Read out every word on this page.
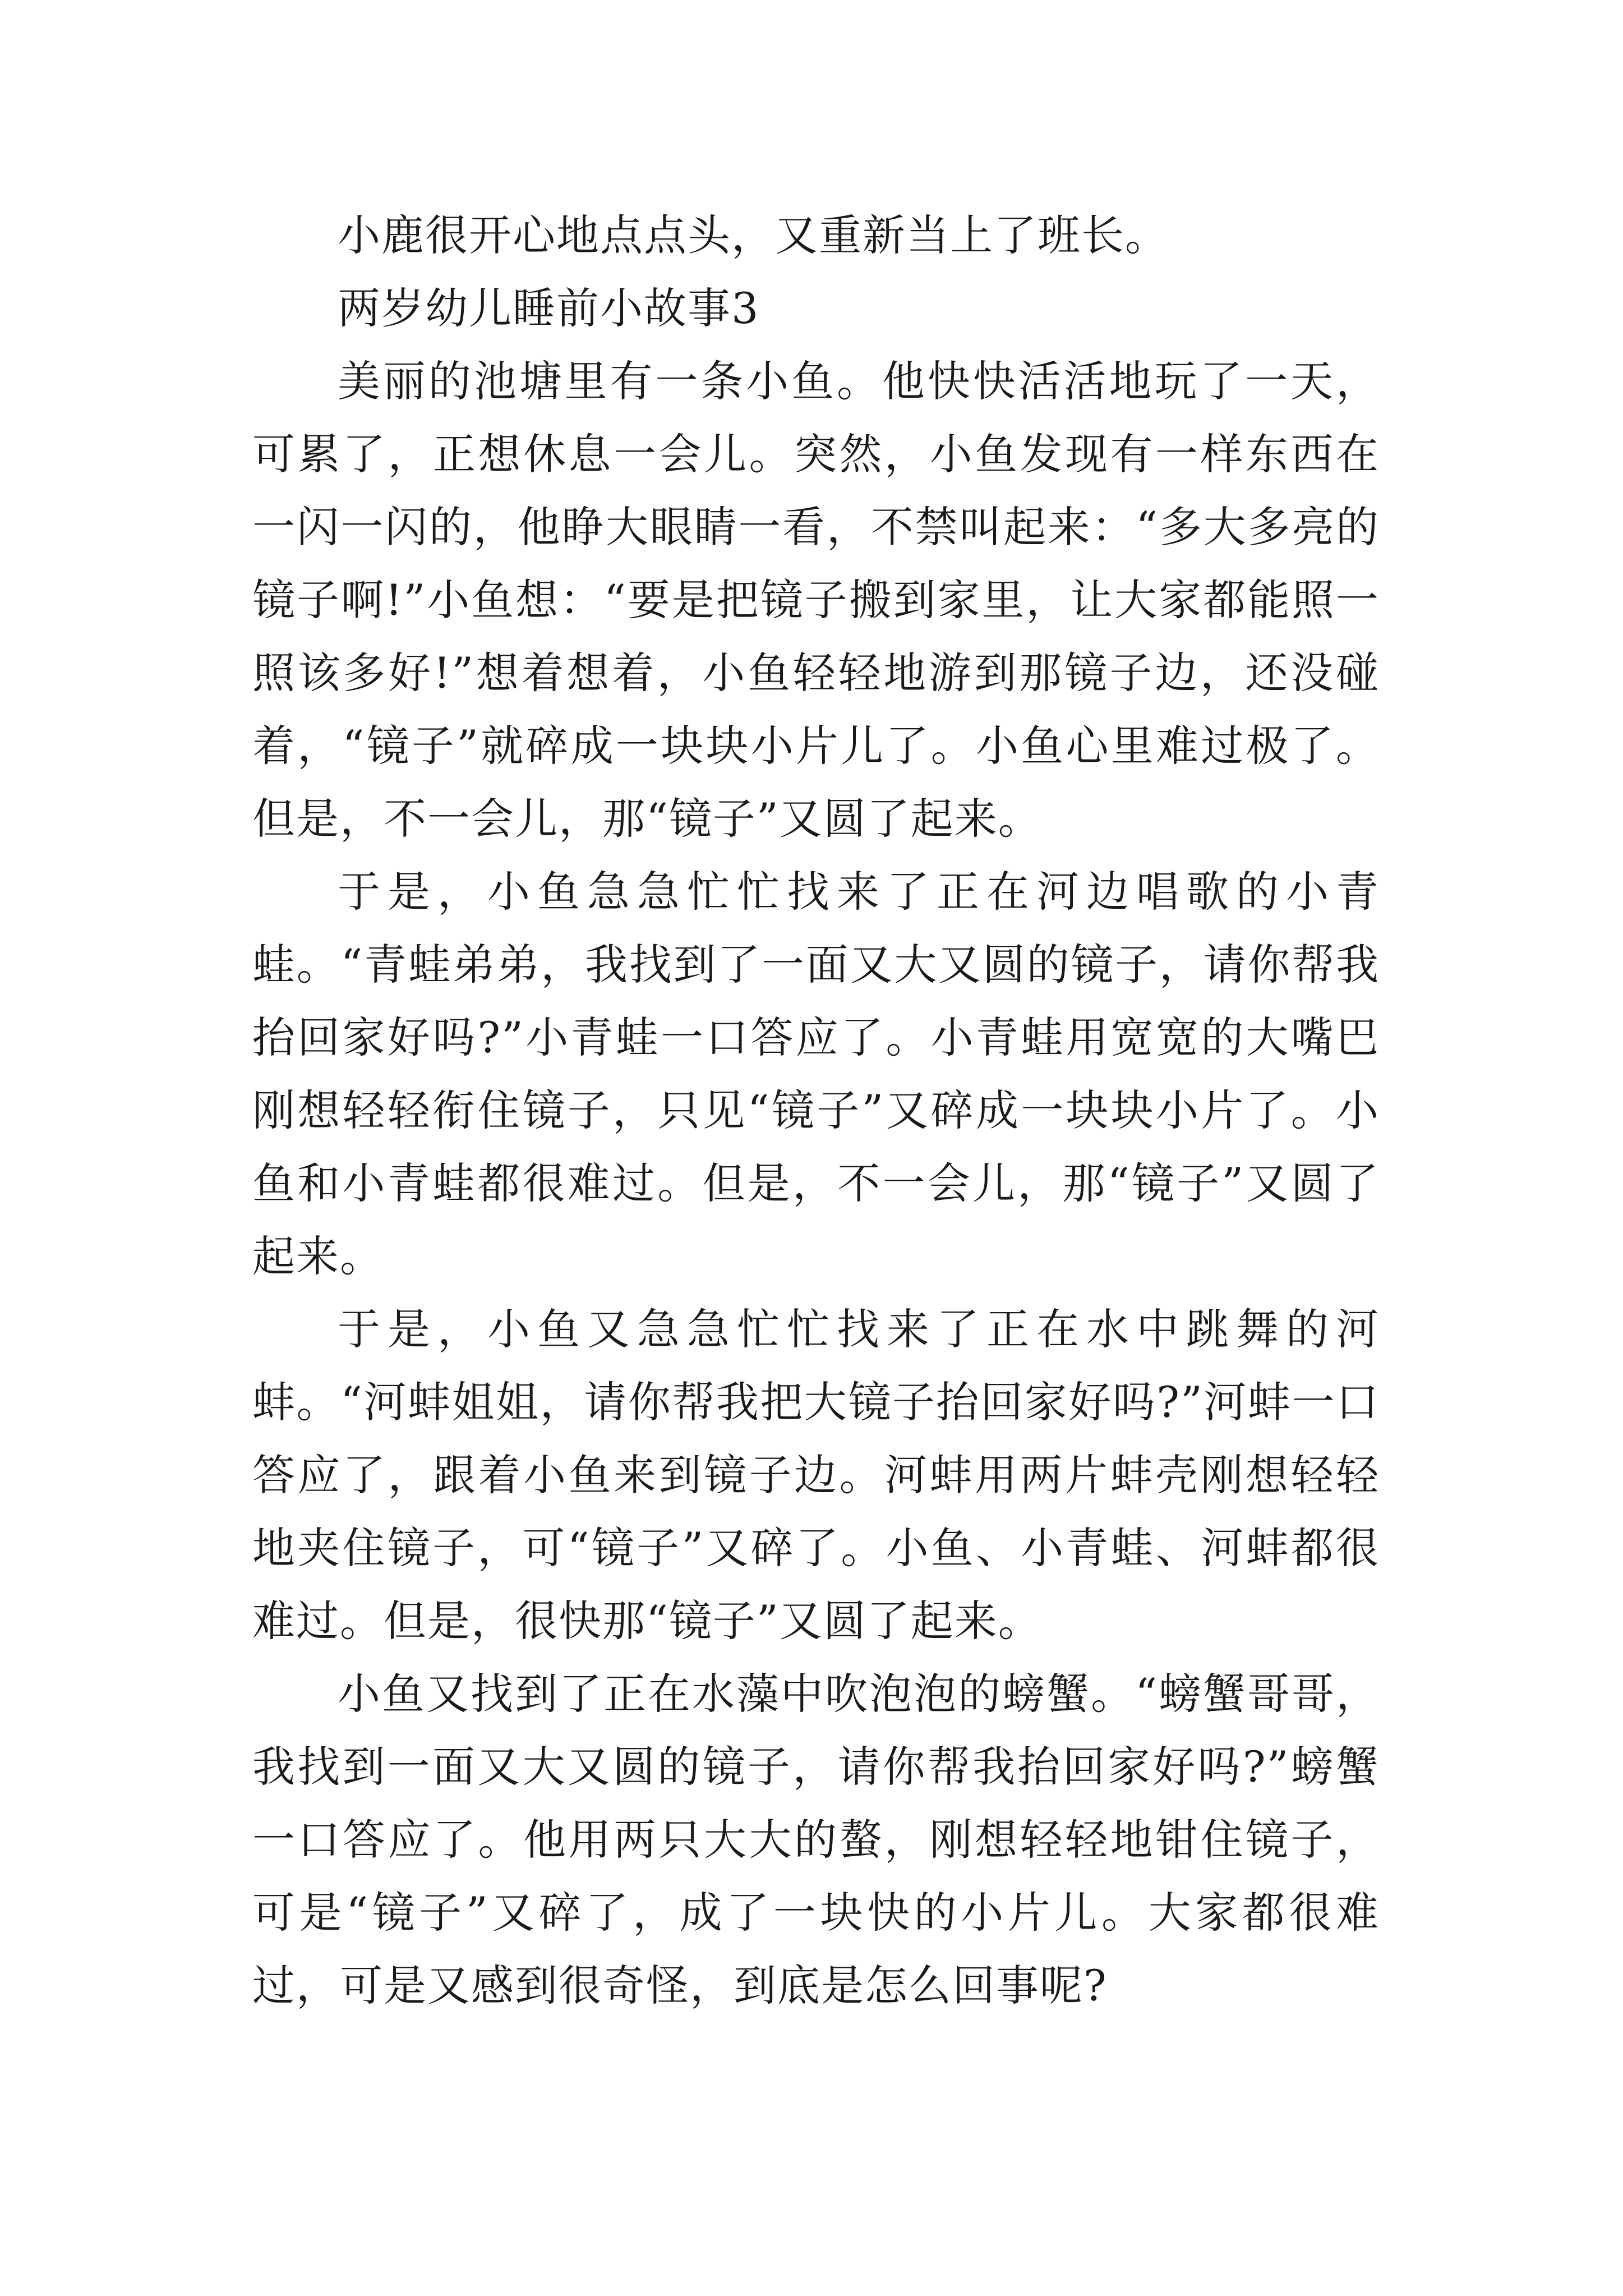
小鹿很开心地点点头，又重新当上了班长。

两岁幼儿睡前小故事3

美丽的池塘里有一条小鱼。他快快活活地玩了一天，可累了，正想休息一会儿。突然，小鱼发现有一样东西在一闪一闪的，他睁大眼睛一看，不禁叫起来：“多大多亮的镜子啊!”小鱼想：“要是把镜子搬到家里，让大家都能照一照该多好!”想着想着，小鱼轻轻地游到那镜子边，还没碰着，“镜子”就碎成一块块小片儿了。小鱼心里难过极了。但是，不一会儿，那“镜子”又圆了起来。

于是，小鱼急急忙忙找来了正在河边唱歌的小青蛙。“青蛙弟弟，我找到了一面又大又圆的镜子，请你帮我抬回家好吗?”小青蛙一口答应了。小青蛙用宽宽的大嘴巴刚想轻轻衔住镜子，只见“镜子”又碎成一块块小片了。小鱼和小青蛙都很难过。但是，不一会儿，那“镜子”又圆了起来。

于是，小鱼又急急忙忙找来了正在水中跳舞的河蚌。“河蚌姐姐，请你帮我把大镜子抬回家好吗?”河蚌一口答应了，跟着小鱼来到镜子边。河蚌用两片蚌壳刚想轻轻地夹住镜子，可“镜子”又碎了。小鱼、小青蛙、河蚌都很难过。但是，很快那“镜子”又圆了起来。

小鱼又找到了正在水藻中吹泡泡的螃蟹。“螃蟹哥哥，我找到一面又大又圆的镜子，请你帮我抬回家好吗?”螃蟹一口答应了。他用两只大大的螯，刚想轻轻地钳住镜子，可是“镜子”又碎了，成了一块快的小片儿。大家都很难过，可是又感到很奇怪，到底是怎么回事呢?
